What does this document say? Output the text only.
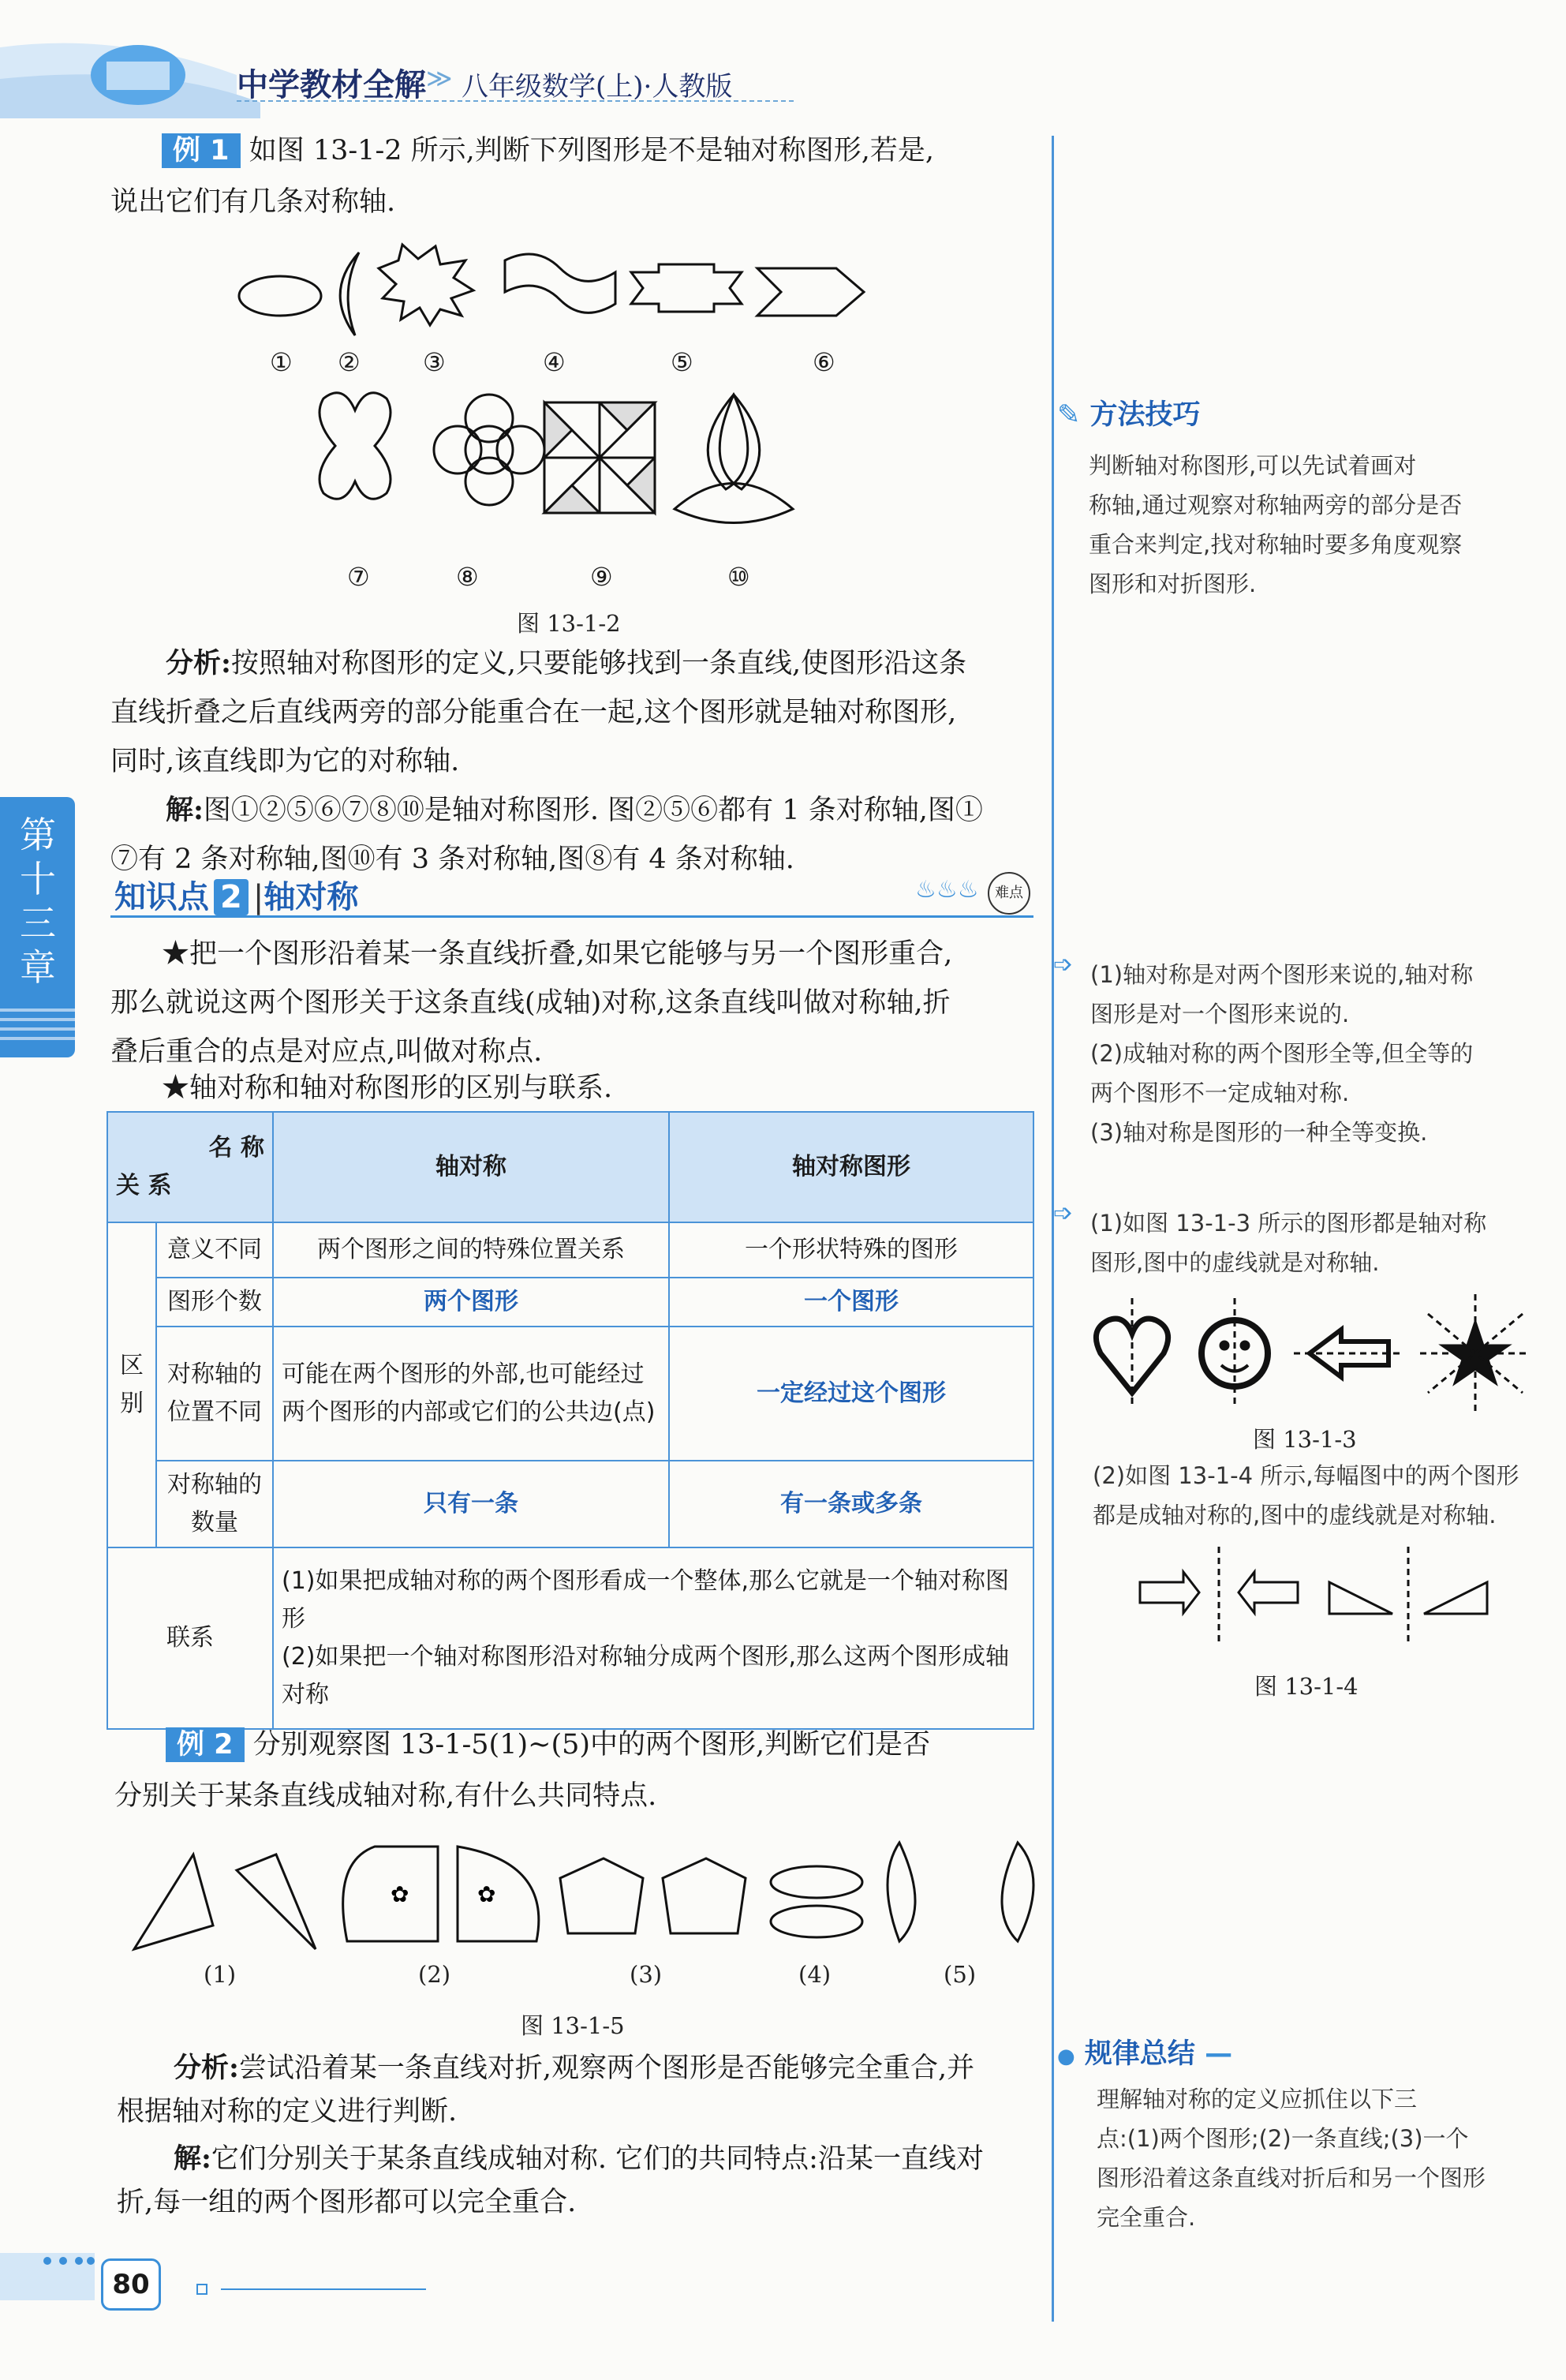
中学教材全解 ≫ 八年级数学(上)·人教版
第十三章
例 1 如图 13-1-2 所示,判断下列图形是不是轴对称图形,若是,
说出它们有几条对称轴.
① ② ③	④	⑤	⑥
⑦	⑧	⑨	⑩
图 13-1-2
分析:按照轴对称图形的定义,只要能够找到一条直线,使图形沿这条
直线折叠之后直线两旁的部分能重合在一起,这个图形就是轴对称图形,
同时,该直线即为它的对称轴.
解:图①②⑤⑥⑦⑧⑩是轴对称图形. 图②⑤⑥都有 1 条对称轴,图①
⑦有 2 条对称轴,图⑩有 3 条对称轴,图⑧有 4 条对称轴.
知识点 2 |轴对称	♨♨♨	难点
★把一个图形沿着某一条直线折叠,如果它能够与另一个图形重合,
那么就说这两个图形关于这条直线(成轴)对称,这条直线叫做对称轴,折
叠后重合的点是对应点,叫做对称点.
★轴对称和轴对称图形的区别与联系.
名 称
关 系		轴对称	轴对称图形
区别	意义不同	两个图形之间的特殊位置关系	一个形状特殊的图形
	图形个数	两个图形	一个图形
	对称轴的位置不同	可能在两个图形的外部,也可能经过两个图形的内部或它们的公共边(点)	一定经过这个图形
	对称轴的数量	只有一条	有一条或多条
联系		(1)如果把成轴对称的两个图形看成一个整体,那么它就是一个轴对称图形
(2)如果把一个轴对称图形沿对称轴分成两个图形,那么这两个图形成轴对称	
例 2 分别观察图 13-1-5(1)~(5)中的两个图形,判断它们是否
分别关于某条直线成轴对称,有什么共同特点.
✿	✿
(1)	(2)	(3)	(4)	(5)
图 13-1-5
分析:尝试沿着某一条直线对折,观察两个图形是否能够完全重合,并
根据轴对称的定义进行判断.
解:它们分别关于某条直线成轴对称. 它们的共同特点:沿某一直线对
折,每一组的两个图形都可以完全重合.
✎ 方法技巧
判断轴对称图形,可以先试着画对
称轴,通过观察对称轴两旁的部分是否
重合来判定,找对称轴时要多角度观察
图形和对折图形.
➩ (1)轴对称是对两个图形来说的,轴对称
图形是对一个图形来说的.
(2)成轴对称的两个图形全等,但全等的
两个图形不一定成轴对称.
(3)轴对称是图形的一种全等变换.
➩ (1)如图 13-1-3 所示的图形都是轴对称
图形,图中的虚线就是对称轴.
图 13-1-3
(2)如图 13-1-4 所示,每幅图中的两个图形
都是成轴对称的,图中的虚线就是对称轴.
图 13-1-4
● 规律总结 —
理解轴对称的定义应抓住以下三
点:(1)两个图形;(2)一条直线;(3)一个
图形沿着这条直线对折后和另一个图形
完全重合.
80
